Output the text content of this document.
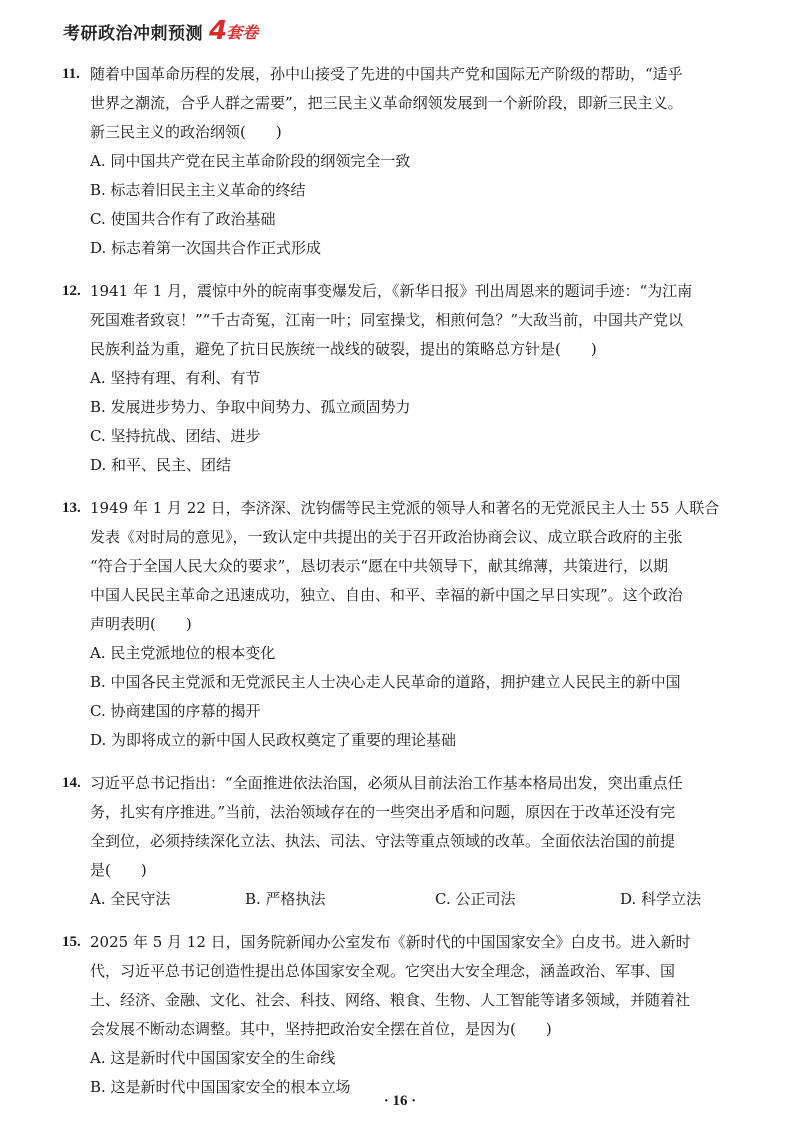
考研政治冲刺预测 4 套卷
11. 随着中国革命历程的发展，孙中山接受了先进的中国共产党和国际无产阶级的帮助，“适乎
世界之潮流，合乎人群之需要”，把三民主义革命纲领发展到一个新阶段，即新三民主义。
新三民主义的政治纲领(　　)
A. 同中国共产党在民主革命阶段的纲领完全一致
B. 标志着旧民主主义革命的终结
C. 使国共合作有了政治基础
D. 标志着第一次国共合作正式形成
12. 1941 年 1 月，震惊中外的皖南事变爆发后，《新华日报》刊出周恩来的题词手迹：“为江南
死国难者致哀！”“千古奇冤，江南一叶；同室操戈，相煎何急？”大敌当前，中国共产党以
民族利益为重，避免了抗日民族统一战线的破裂，提出的策略总方针是(　　)
A. 坚持有理、有利、有节
B. 发展进步势力、争取中间势力、孤立顽固势力
C. 坚持抗战、团结、进步
D. 和平、民主、团结
13. 1949 年 1 月 22 日，李济深、沈钧儒等民主党派的领导人和著名的无党派民主人士 55 人联合
发表《对时局的意见》，一致认定中共提出的关于召开政治协商会议、成立联合政府的主张
“符合于全国人民大众的要求”，恳切表示“愿在中共领导下，献其绵薄，共策进行，以期
中国人民民主革命之迅速成功，独立、自由、和平、幸福的新中国之早日实现”。这个政治
声明表明(　　)
A. 民主党派地位的根本变化
B. 中国各民主党派和无党派民主人士决心走人民革命的道路，拥护建立人民民主的新中国
C. 协商建国的序幕的揭开
D. 为即将成立的新中国人民政权奠定了重要的理论基础
14. 习近平总书记指出：“全面推进依法治国，必须从目前法治工作基本格局出发，突出重点任
务，扎实有序推进。”当前，法治领域存在的一些突出矛盾和问题，原因在于改革还没有完
全到位，必须持续深化立法、执法、司法、守法等重点领域的改革。全面依法治国的前提
是(　　)
A. 全民守法	B. 严格执法	C. 公正司法	D. 科学立法
15. 2025 年 5 月 12 日，国务院新闻办公室发布《新时代的中国国家安全》白皮书。进入新时
代，习近平总书记创造性提出总体国家安全观。它突出大安全理念，涵盖政治、军事、国
土、经济、金融、文化、社会、科技、网络、粮食、生物、人工智能等诸多领域，并随着社
会发展不断动态调整。其中，坚持把政治安全摆在首位，是因为(　　)
A. 这是新时代中国国家安全的生命线
B. 这是新时代中国国家安全的根本立场
· 16 ·
